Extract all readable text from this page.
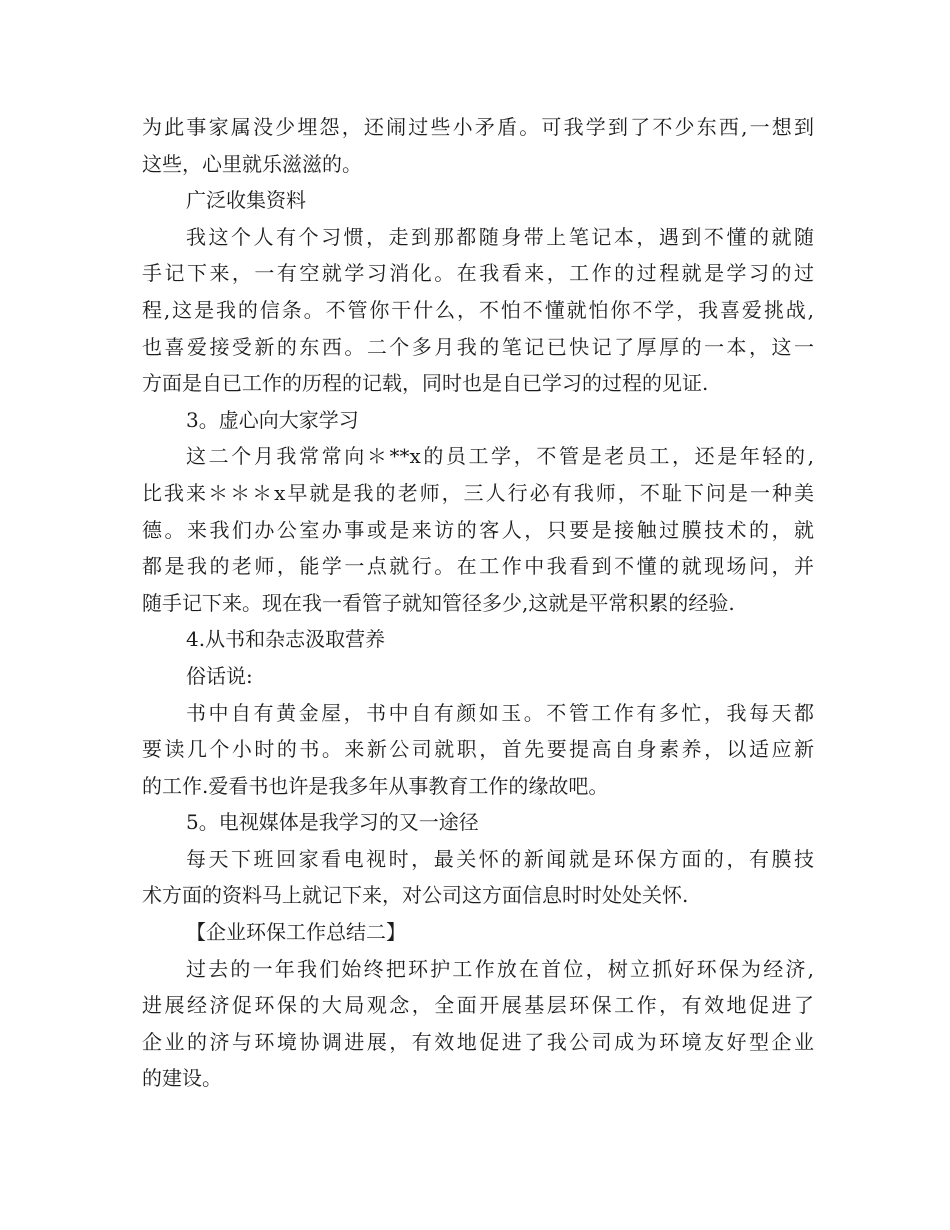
为此事家属没少埋怨，还闹过些小矛盾。可我学到了不少东西,一想到
这些，心里就乐滋滋的。
广泛收集资料
我这个人有个习惯，走到那都随身带上笔记本，遇到不懂的就随
手记下来，一有空就学习消化。在我看来，工作的过程就是学习的过
程,这是我的信条。不管你干什么，不怕不懂就怕你不学，我喜爱挑战,
也喜爱接受新的东西。二个多月我的笔记已快记了厚厚的一本，这一
方面是自已工作的历程的记载，同时也是自已学习的过程的见证.
3。虚心向大家学习
这二个月我常常向＊**x的员工学，不管是老员工，还是年轻的,
比我来＊＊＊x早就是我的老师，三人行必有我师，不耻下问是一种美
德。来我们办公室办事或是来访的客人，只要是接触过膜技术的，就
都是我的老师，能学一点就行。在工作中我看到不懂的就现场问，并
随手记下来。现在我一看管子就知管径多少,这就是平常积累的经验.
4.从书和杂志汲取营养
俗话说:
书中自有黄金屋，书中自有颜如玉。不管工作有多忙，我每天都
要读几个小时的书。来新公司就职，首先要提高自身素养，以适应新
的工作.爱看书也许是我多年从事教育工作的缘故吧。
5。电视媒体是我学习的又一途径
每天下班回家看电视时，最关怀的新闻就是环保方面的，有膜技
术方面的资料马上就记下来，对公司这方面信息时时处处关怀.
【企业环保工作总结二】
过去的一年我们始终把环护工作放在首位，树立抓好环保为经济,
进展经济促环保的大局观念，全面开展基层环保工作，有效地促进了
企业的济与环境协调进展，有效地促进了我公司成为环境友好型企业
的建设。
